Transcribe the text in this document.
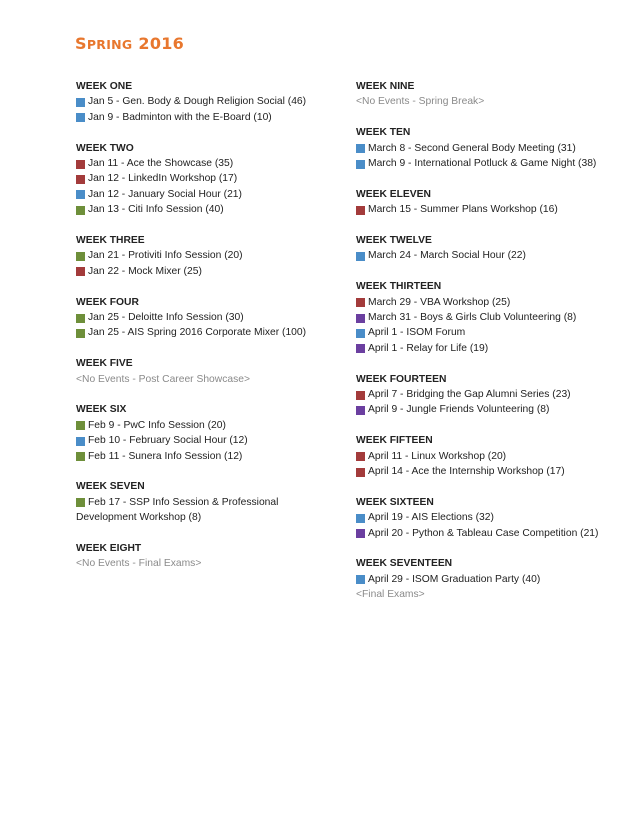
SPRING 2016
WEEK ONE
Jan 5 - Gen. Body & Dough Religion Social (46)
Jan 9 - Badminton with the E-Board (10)
WEEK TWO
Jan 11 - Ace the Showcase (35)
Jan 12 - LinkedIn Workshop (17)
Jan 12 - January Social Hour (21)
Jan 13 - Citi Info Session (40)
WEEK THREE
Jan 21 - Protiviti Info Session (20)
Jan 22 - Mock Mixer (25)
WEEK FOUR
Jan 25 - Deloitte Info Session (30)
Jan 25 - AIS Spring 2016 Corporate Mixer (100)
WEEK FIVE
<No Events - Post Career Showcase>
WEEK SIX
Feb 9 - PwC Info Session (20)
Feb 10 - February Social Hour (12)
Feb 11 - Sunera Info Session (12)
WEEK SEVEN
Feb 17 - SSP Info Session & Professional
Development Workshop (8)
WEEK EIGHT
<No Events - Final Exams>
WEEK NINE
<No Events - Spring Break>
WEEK TEN
March 8 - Second General Body Meeting (31)
March 9 - International Potluck & Game Night (38)
WEEK ELEVEN
March 15 - Summer Plans Workshop (16)
WEEK TWELVE
March 24 - March Social Hour (22)
WEEK THIRTEEN
March 29 - VBA Workshop (25)
March 31 - Boys & Girls Club Volunteering (8)
April 1 - ISOM Forum
April 1 - Relay for Life (19)
WEEK FOURTEEN
April 7 - Bridging the Gap Alumni Series (23)
April 9 - Jungle Friends Volunteering (8)
WEEK FIFTEEN
April 11 - Linux Workshop (20)
April 14 - Ace the Internship Workshop (17)
WEEK SIXTEEN
April 19 - AIS Elections (32)
April 20 - Python & Tableau Case Competition (21)
WEEK SEVENTEEN
April 29 - ISOM Graduation Party (40)
<Final Exams>
